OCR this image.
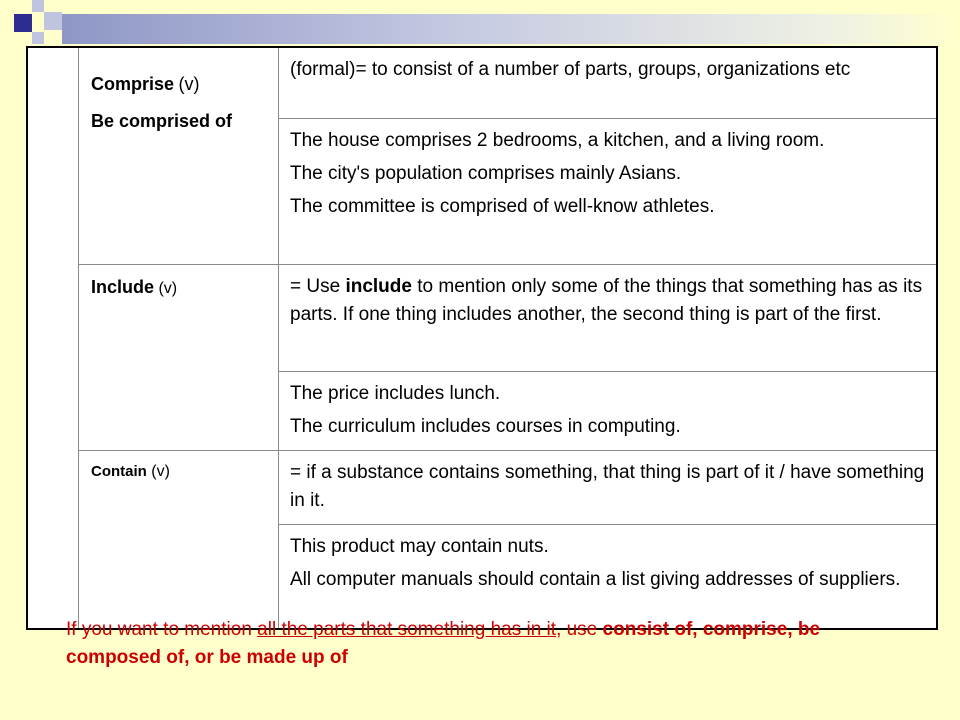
	Comprise (v)
Be comprised of	(formal)= to consist of a number of parts, groups, organizations etc

		The house comprises 2 bedrooms, a kitchen, and a living room.
The city's population comprises mainly Asians.
The committee is comprised of well-know athletes.

	Include (v)	= Use include to mention only some of the things that something has as its parts. If one thing includes another, the second thing is part of the first.

		The price includes lunch.
The curriculum includes courses in computing.

	Contain (v)	= if a substance contains something, that thing is part of it / have something in it.

		This product may contain nuts.
All computer manuals should contain a list giving addresses of suppliers.
If you want to mention all the parts that something has in it, use consist of, comprise, be composed of, or be made up of
